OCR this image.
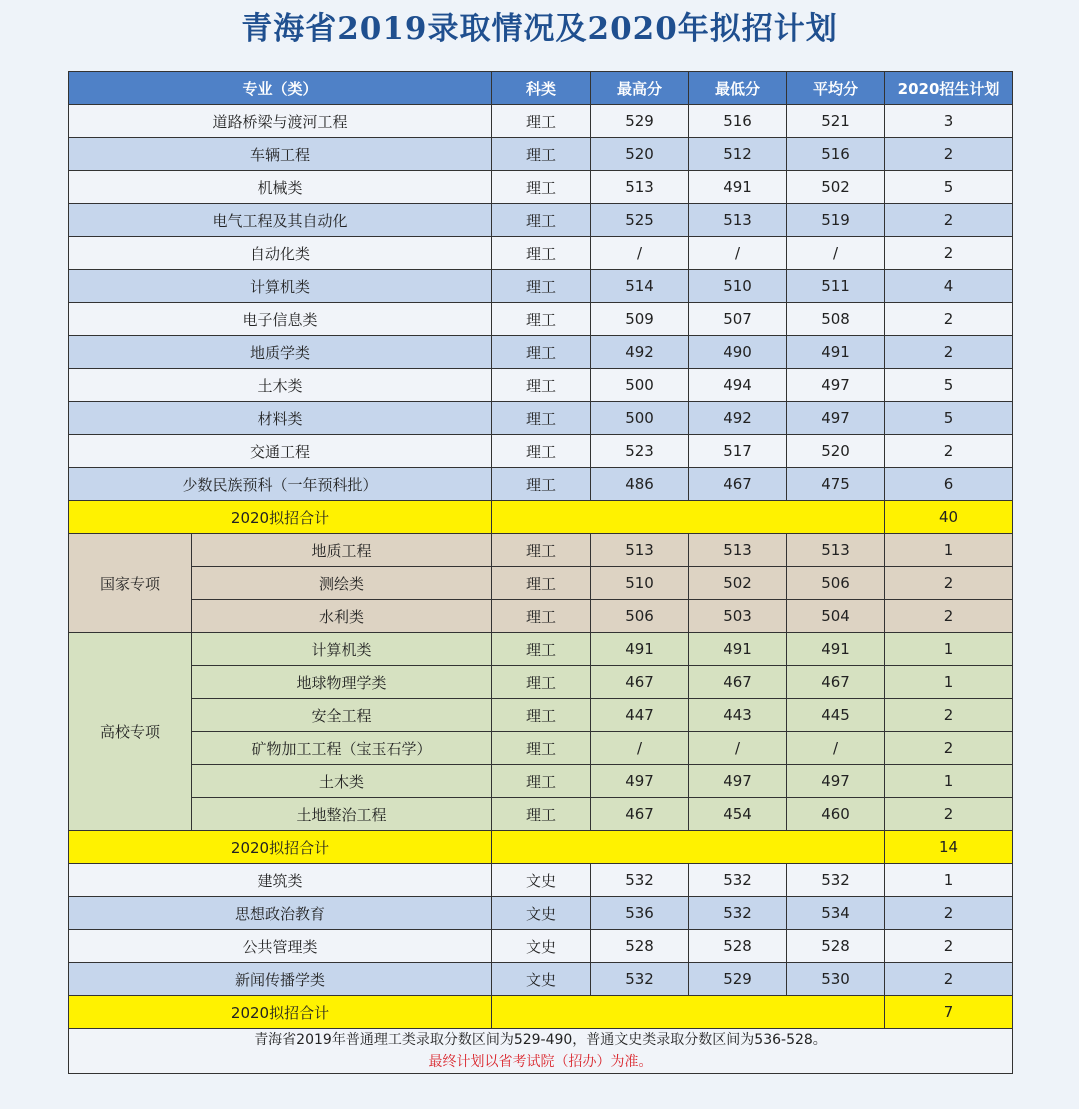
青海省2019录取情况及2020年拟招计划
专业（类）		科类	最高分	最低分	平均分	2020招生计划
道路桥梁与渡河工程		理工	529	516	521	3
车辆工程		理工	520	512	516	2
机械类		理工	513	491	502	5
电气工程及其自动化		理工	525	513	519	2
自动化类		理工	/	/	/	2
计算机类		理工	514	510	511	4
电子信息类		理工	509	507	508	2
地质学类		理工	492	490	491	2
土木类		理工	500	494	497	5
材料类		理工	500	492	497	5
交通工程		理工	523	517	520	2
少数民族预科（一年预科批）		理工	486	467	475	6
2020拟招合计						40
国家专项	地质工程	理工	513	513	513	1
	测绘类	理工	510	502	506	2
	水利类	理工	506	503	504	2
高校专项	计算机类	理工	491	491	491	1
	地球物理学类	理工	467	467	467	1
	安全工程	理工	447	443	445	2
	矿物加工工程（宝玉石学）	理工	/	/	/	2
	土木类	理工	497	497	497	1
	土地整治工程	理工	467	454	460	2
2020拟招合计						14
建筑类		文史	532	532	532	1
思想政治教育		文史	536	532	534	2
公共管理类		文史	528	528	528	2
新闻传播学类		文史	532	529	530	2
2020拟招合计						7

青海省2019年普通理工类录取分数区间为529-490，普通文史类录取分数区间为536-528。
最终计划以省考试院（招办）为准。						
